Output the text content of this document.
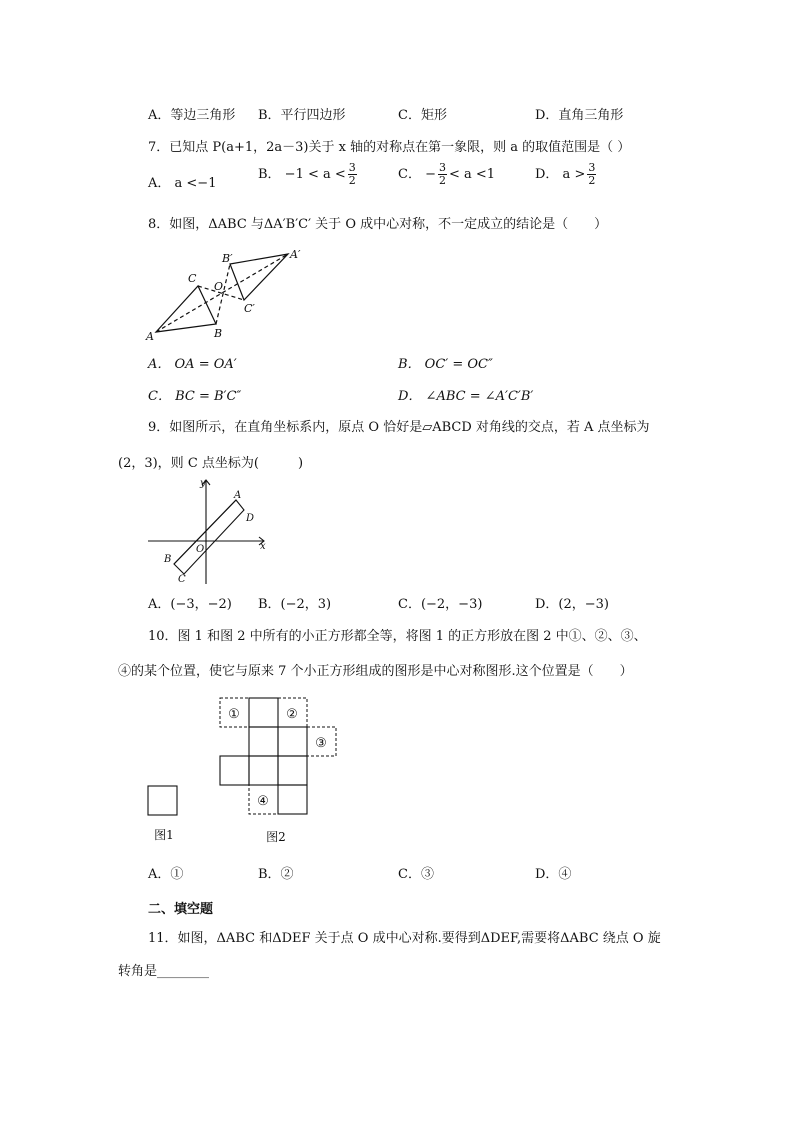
A．等边三角形 B．平行四边形	C．矩形	D．直角三角形
7．已知点 P(a+1，2a－3)关于 x 轴的对称点在第一象限，则 a 的取值范围是（ ）
A． a <−1
B． $-1 < a < \frac{3}{2}$	C． − $\frac{3}{2} < a <1$	D． $a > \frac{3}{2}$
8．如图，ΔABC 与ΔA′B′C′ 关于 O 成中心对称，不一定成立的结论是（　　）
A
C
B
O
A′
B′
C′
A． OA = OA′	B． OC′ = OC″
C． BC = B′C″	D． ∠ABC = ∠A′C′B′
9．如图所示，在直角坐标系内，原点 O 恰好是▱ABCD 对角线的交点，若 A 点坐标为
(2，3)，则 C 点坐标为(　　　)
y
x
O
A
D
B
C
A．(−3，−2) B．(−2，3)	C．(−2，−3)	D．(2，−3)
10．图 1 和图 2 中所有的小正方形都全等，将图 1 的正方形放在图 2 中①、②、③、
④的某个位置，使它与原来 7 个小正方形组成的图形是中心对称图形.这个位置是（　　）
①	②
③
④
图1	图2
A．①	B．②	C．③	D．④
二、填空题
11．如图，ΔABC 和ΔDEF 关于点 O 成中心对称.要得到ΔDEF,需要将ΔABC 绕点 O 旋
转角是________
